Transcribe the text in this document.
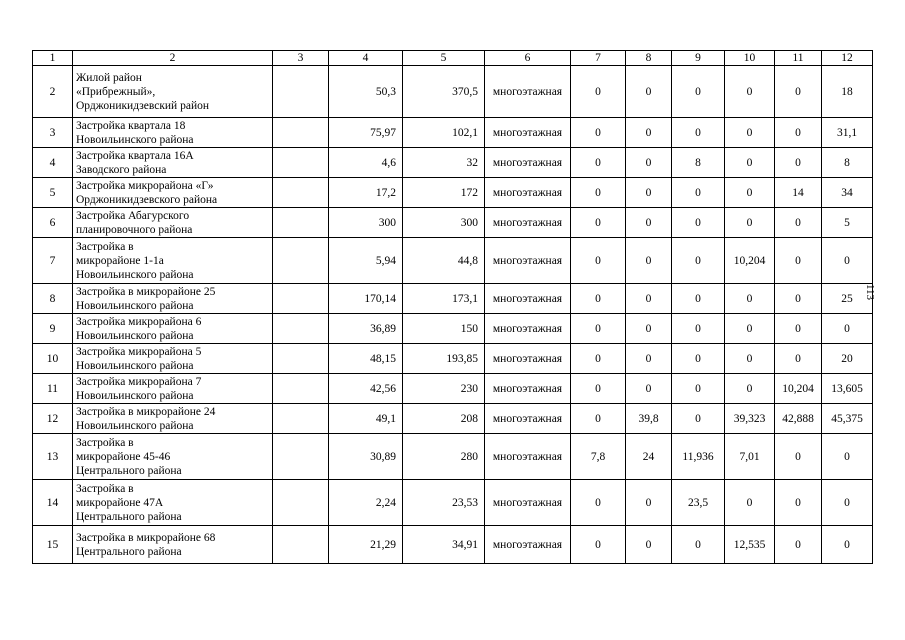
1	2	3	4	5	6	7	8	9	10	11	12
2	Жилой район
«Прибрежный»,
Орджоникидзевский район		50,3	370,5	многоэтажная	0	0	0	0	0	18
3	Застройка квартала 18
Новоильинского района		75,97	102,1	многоэтажная	0	0	0	0	0	31,1
4	Застройка квартала 16А
Заводского района		4,6	32	многоэтажная	0	0	8	0	0	8
5	Застройка микрорайона «Г»
Орджоникидзевского района		17,2	172	многоэтажная	0	0	0	0	14	34
6	Застройка Абагурского
планировочного района		300	300	многоэтажная	0	0	0	0	0	5
7	Застройка в
микрорайоне 1-1а
Новоильинского района		5,94	44,8	многоэтажная	0	0	0	10,204	0	0
8	Застройка в микрорайоне 25
Новоильинского района		170,14	173,1	многоэтажная	0	0	0	0	0	25
9	Застройка микрорайона 6
Новоильинского района		36,89	150	многоэтажная	0	0	0	0	0	0
10	Застройка микрорайона 5
Новоильинского района		48,15	193,85	многоэтажная	0	0	0	0	0	20
11	Застройка микрорайона 7
Новоильинского района		42,56	230	многоэтажная	0	0	0	0	10,204	13,605
12	Застройка в микрорайоне 24
Новоильинского района		49,1	208	многоэтажная	0	39,8	0	39,323	42,888	45,375
13	Застройка в
микрорайоне 45-46
Центрального района		30,89	280	многоэтажная	7,8	24	11,936	7,01	0	0
14	Застройка в
микрорайоне 47А
Центрального района		2,24	23,53	многоэтажная	0	0	23,5	0	0	0
15	Застройка в микрорайоне 68
Центрального района		21,29	34,91	многоэтажная	0	0	0	12,535	0	0
113
